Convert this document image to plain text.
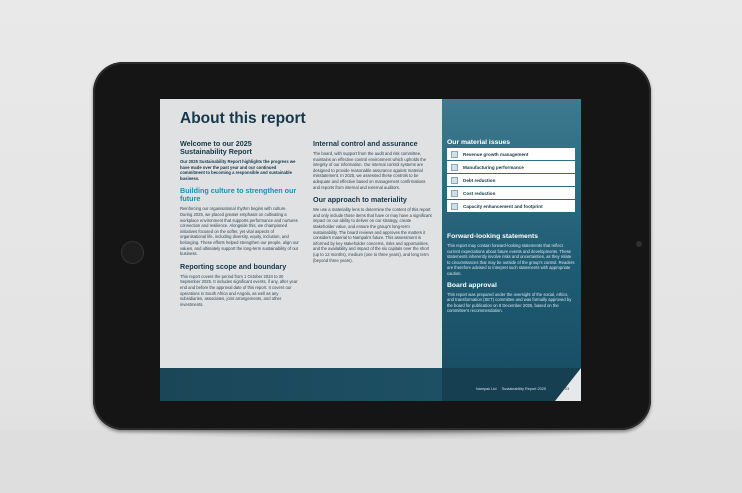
About this report
Welcome to our 2025 Sustainability Report
Our 2025 Sustainability Report highlights the progress we have made over the past year and our continued commitment to becoming a responsible and sustainable business.
Building culture to strengthen our future
Reinforcing our organisational rhythm begins with culture. During 2025, we placed greater emphasis on cultivating a workplace environment that supports performance and nurtures connection and resilience. Alongside this, we championed initiatives focused on the softer, yet vital aspects of organisational life, including diversity, equity, inclusion, and belonging. These efforts helped strengthen our people, align our values, and ultimately support the long-term sustainability of our business.
Reporting scope and boundary
This report covers the period from 1 October 2024 to 30 September 2025. It includes significant events, if any, after year end and before the approval date of this report. It covers our operations in South Africa and Angola, as well as any subsidiaries, associates, joint arrangements, and other investments.
Internal control and assurance
The board, with support from the audit and risk committee, maintains an effective control environment which upholds the integrity of our information. Our internal control systems are designed to provide reasonable assurance against material misstatement. In 2025, we assessed these controls to be adequate and effective based on management confirmations and reports from internal and external auditors.
Our approach to materiality
We use a materiality lens to determine the content of this report and only include those items that have or may have a significant impact on our ability to deliver on our strategy, create stakeholder value, and ensure the group's long-term sustainability. The board reviews and approves the matters it considers material to Nampak's future. This assessment is informed by key stakeholder concerns, risks and opportunities, and the availability and impact of the six capitals over the short (up to 12 months), medium (one to three years), and long term (beyond three years).
Our material issues
Revenue growth management
Manufacturing performance
Debt reduction
Cost reduction
Capacity enhancement and footprint
Forward-looking statements
This report may contain forward-looking statements that reflect current expectations about future events and developments. These statements inherently involve risks and uncertainties, as they relate to circumstances that may be outside of the group's control. Readers are therefore advised to interpret such statements with appropriate caution.
Board approval
This report was prepared under the oversight of the social, ethics, and transformation (SET) committee and was formally approved by the board for publication on 8 December 2025, based on the committee's recommendation.
Nampak Ltd Sustainability Report 2025	03
